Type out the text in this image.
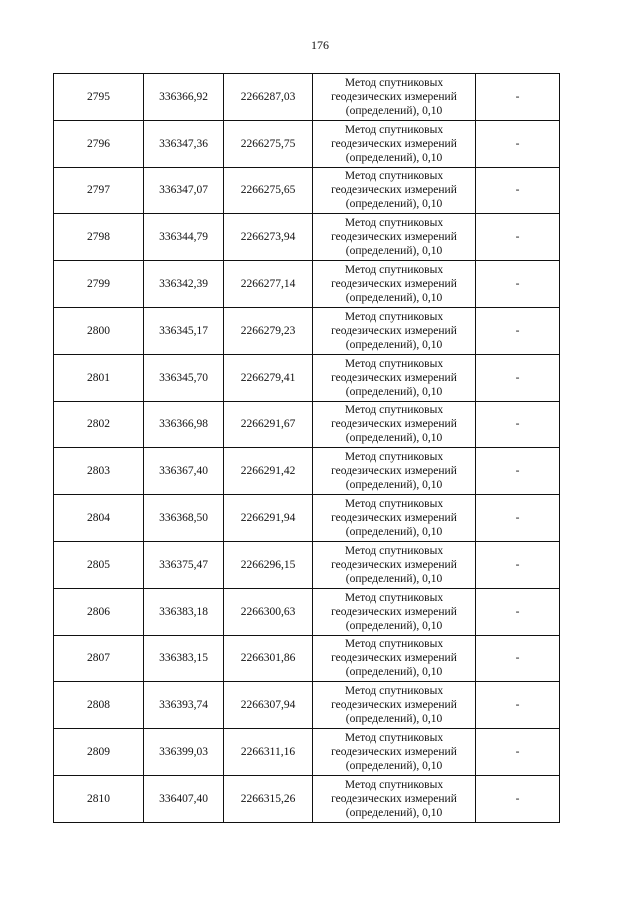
176
2795	336366,92	2266287,03	Метод спутниковых
геодезических измерений
(определений), 0,10	-
2796	336347,36	2266275,75	Метод спутниковых
геодезических измерений
(определений), 0,10	-
2797	336347,07	2266275,65	Метод спутниковых
геодезических измерений
(определений), 0,10	-
2798	336344,79	2266273,94	Метод спутниковых
геодезических измерений
(определений), 0,10	-
2799	336342,39	2266277,14	Метод спутниковых
геодезических измерений
(определений), 0,10	-
2800	336345,17	2266279,23	Метод спутниковых
геодезических измерений
(определений), 0,10	-
2801	336345,70	2266279,41	Метод спутниковых
геодезических измерений
(определений), 0,10	-
2802	336366,98	2266291,67	Метод спутниковых
геодезических измерений
(определений), 0,10	-
2803	336367,40	2266291,42	Метод спутниковых
геодезических измерений
(определений), 0,10	-
2804	336368,50	2266291,94	Метод спутниковых
геодезических измерений
(определений), 0,10	-
2805	336375,47	2266296,15	Метод спутниковых
геодезических измерений
(определений), 0,10	-
2806	336383,18	2266300,63	Метод спутниковых
геодезических измерений
(определений), 0,10	-
2807	336383,15	2266301,86	Метод спутниковых
геодезических измерений
(определений), 0,10	-
2808	336393,74	2266307,94	Метод спутниковых
геодезических измерений
(определений), 0,10	-
2809	336399,03	2266311,16	Метод спутниковых
геодезических измерений
(определений), 0,10	-
2810	336407,40	2266315,26	Метод спутниковых
геодезических измерений
(определений), 0,10	-
